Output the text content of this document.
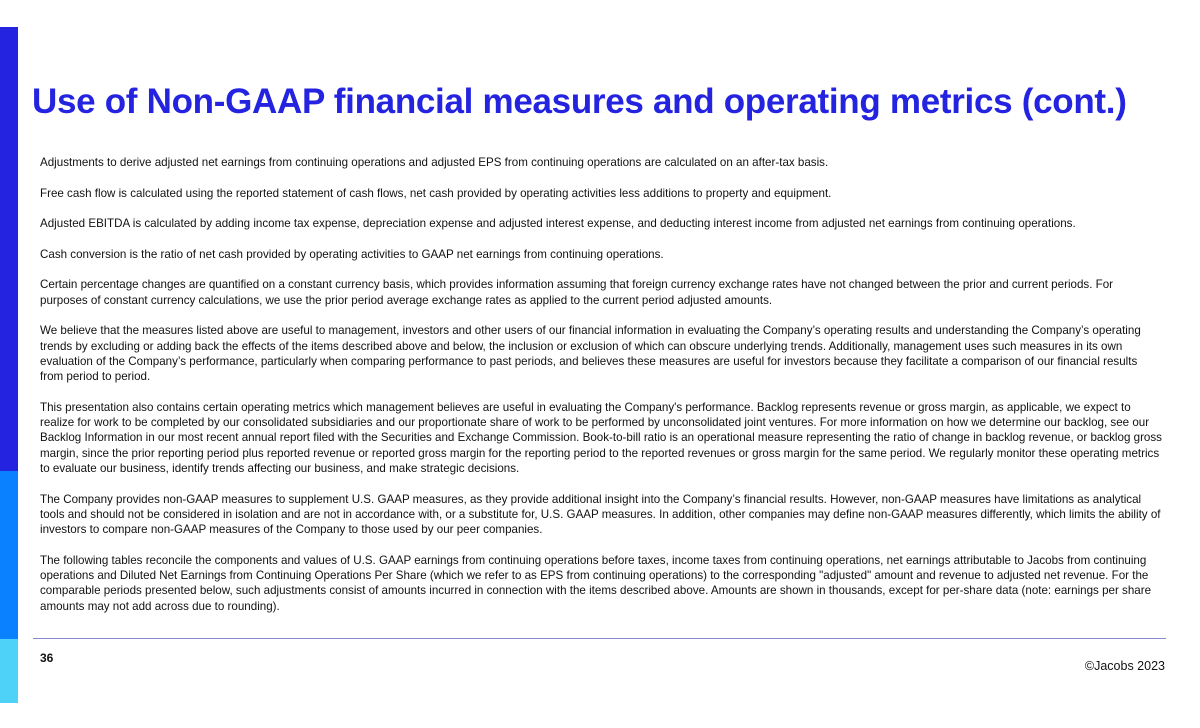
Use of Non-GAAP financial measures and operating metrics (cont.)

Adjustments to derive adjusted net earnings from continuing operations and adjusted EPS from continuing operations are calculated on an after-tax basis.

Free cash flow is calculated using the reported statement of cash flows, net cash provided by operating activities less additions to property and equipment.

Adjusted EBITDA is calculated by adding income tax expense, depreciation expense and adjusted interest expense, and deducting interest income from adjusted net earnings from continuing operations.

Cash conversion is the ratio of net cash provided by operating activities to GAAP net earnings from continuing operations.

Certain percentage changes are quantified on a constant currency basis, which provides information assuming that foreign currency exchange rates have not changed between the prior and current periods. For purposes of constant currency calculations, we use the prior period average exchange rates as applied to the current period adjusted amounts.

We believe that the measures listed above are useful to management, investors and other users of our financial information in evaluating the Company’s operating results and understanding the Company’s operating trends by excluding or adding back the effects of the items described above and below, the inclusion or exclusion of which can obscure underlying trends. Additionally, management uses such measures in its own evaluation of the Company’s performance, particularly when comparing performance to past periods, and believes these measures are useful for investors because they facilitate a comparison of our financial results from period to period.

This presentation also contains certain operating metrics which management believes are useful in evaluating the Company's performance. Backlog represents revenue or gross margin, as applicable, we expect to realize for work to be completed by our consolidated subsidiaries and our proportionate share of work to be performed by unconsolidated joint ventures. For more information on how we determine our backlog, see our Backlog Information in our most recent annual report filed with the Securities and Exchange Commission. Book-to-bill ratio is an operational measure representing the ratio of change in backlog revenue, or backlog gross margin, since the prior reporting period plus reported revenue or reported gross margin for the reporting period to the reported revenues or gross margin for the same period. We regularly monitor these operating metrics to evaluate our business, identify trends affecting our business, and make strategic decisions.

The Company provides non-GAAP measures to supplement U.S. GAAP measures, as they provide additional insight into the Company’s financial results. However, non-GAAP measures have limitations as analytical tools and should not be considered in isolation and are not in accordance with, or a substitute for, U.S. GAAP measures. In addition, other companies may define non-GAAP measures differently, which limits the ability of investors to compare non-GAAP measures of the Company to those used by our peer companies.

The following tables reconcile the components and values of U.S. GAAP earnings from continuing operations before taxes, income taxes from continuing operations, net earnings attributable to Jacobs from continuing operations and Diluted Net Earnings from Continuing Operations Per Share (which we refer to as EPS from continuing operations) to the corresponding "adjusted" amount and revenue to adjusted net revenue. For the comparable periods presented below, such adjustments consist of amounts incurred in connection with the items described above. Amounts are shown in thousands, except for per-share data (note: earnings per share amounts may not add across due to rounding).

36
©Jacobs 2023
